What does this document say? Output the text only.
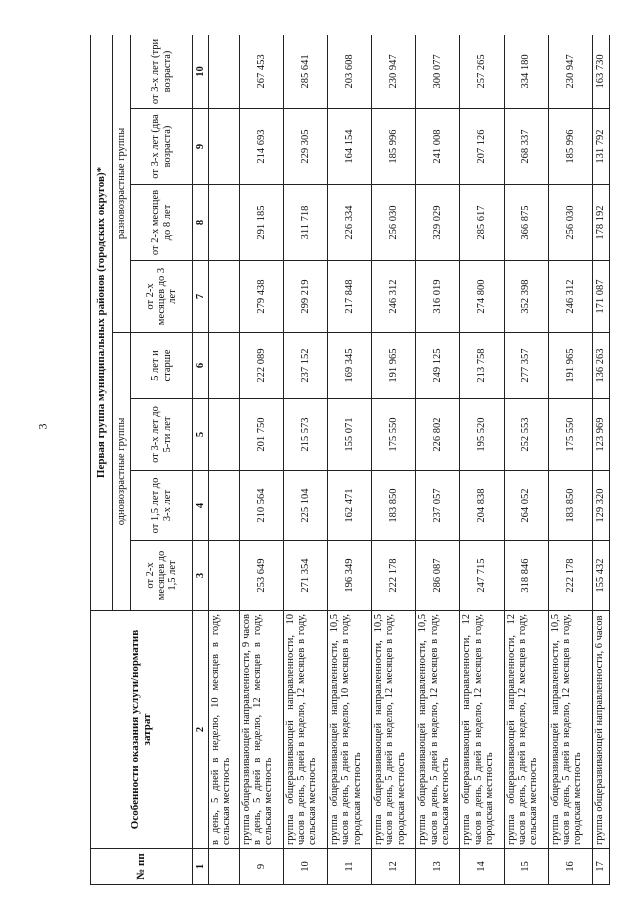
3
№ пп	Особенности оказания услуги/норматив затрат	Первая группа муниципальных районов (городских округов)*							
		одновозрастные группы				разновозрастные группы			
		от 2-х месяцев до 1,5 лет	от 1,5 лет до 3-х лет	от 3-х лет до 5-ти лет	5 лет и старше	от 2-х месяцев до 3 лет	от 2-х месяцев до 8 лет	от 3-х лет (два возраста)	от 3-х лет (три возраста)
1	2	3	4	5	6	7	8	9	10
	в день, 5 дней в неделю, 10 месяцев в году, сельская местность								
9	группа общеразвивающей направленности, 9 часов в день, 5 дней в неделю, 12 месяцев в году, сельская местность	253 649	210 564	201 750	222 089	279 438	291 185	214 693	267 453
10	группа общеразвивающей направленности, 10 часов в день, 5 дней в неделю, 12 месяцев в году, сельская местность	271 354	225 104	215 573	237 152	299 219	311 718	229 305	285 641
11	группа общеразвивающей направленности, 10,5 часов в день, 5 дней в неделю, 10 месяцев в году, городская местность	196 349	162 471	155 071	169 345	217 848	226 334	164 154	203 608
12	группа общеразвивающей направленности, 10,5 часов в день, 5 дней в неделю, 12 месяцев в году, городская местность	222 178	183 850	175 550	191 965	246 312	256 030	185 996	230 947
13	группа общеразвивающей направленности, 10,5 часов в день, 5 дней в неделю, 12 месяцев в году, сельская местность	286 087	237 057	226 802	249 125	316 019	329 029	241 008	300 077
14	группа общеразвивающей направленности, 12 часов в день, 5 дней в неделю, 12 месяцев в году, городская местность	247 715	204 838	195 520	213 758	274 800	285 617	207 126	257 265
15	группа общеразвивающей направленности, 12 часов в день, 5 дней в неделю, 12 месяцев в году, сельская местность	318 846	264 052	252 553	277 357	352 398	366 875	268 337	334 180
16	группа общеразвивающей направленности, 10,5 часов в день, 5 дней в неделю, 12 месяцев в году, городская местность	222 178	183 850	175 550	191 965	246 312	256 030	185 996	230 947
17	группа общеразвивающей направленности, 6 часов	155 432	129 320	123 969	136 263	171 087	178 192	131 792	163 730
